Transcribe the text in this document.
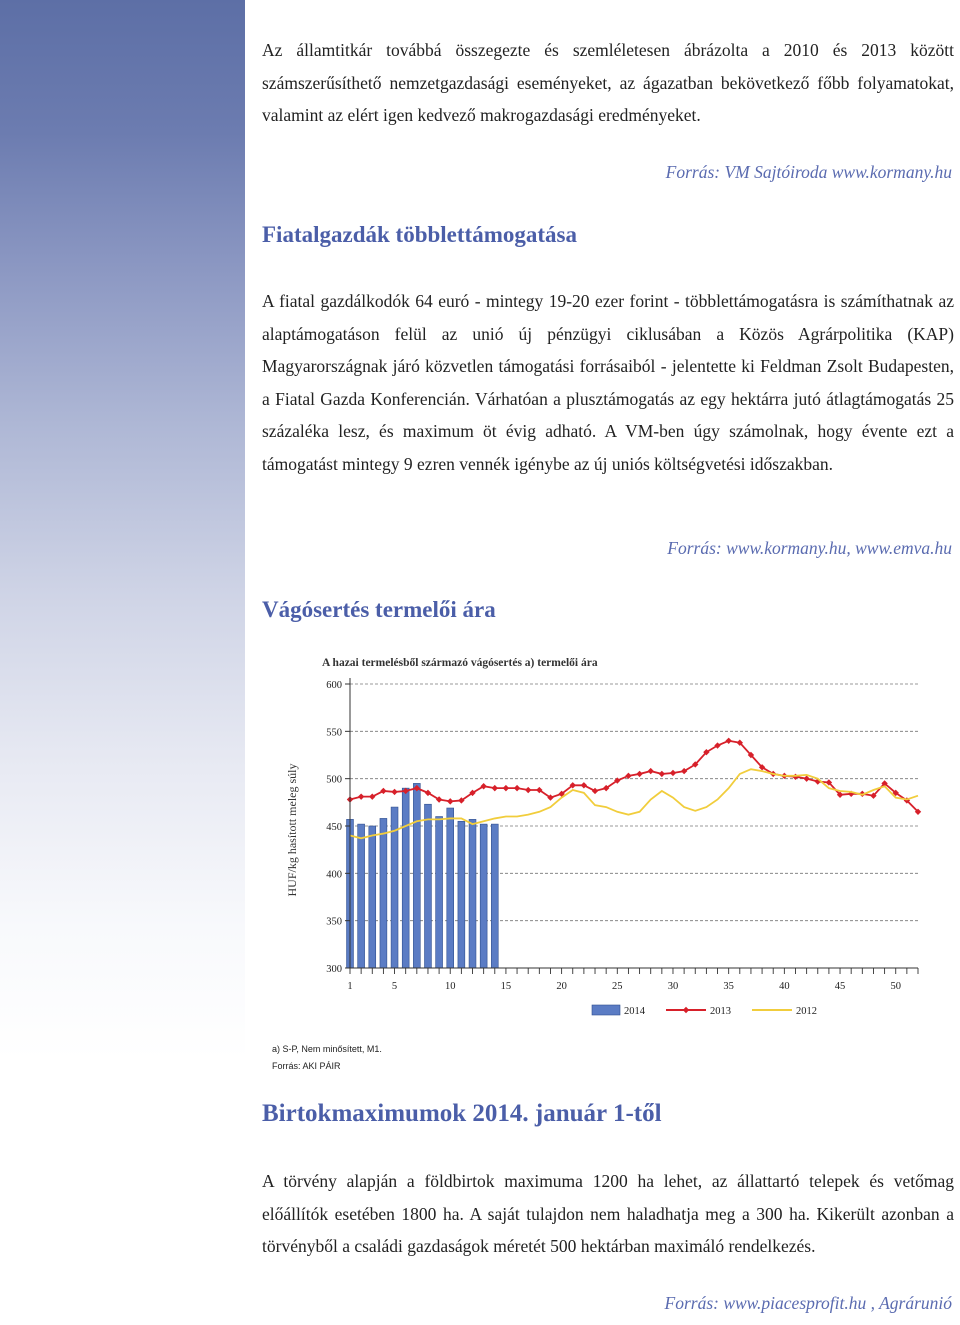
Az államtitkár továbbá összegezte és szemléletesen ábrázolta a 2010 és 2013 között számszerűsíthető nemzetgazdasági eseményeket, az ágazatban bekövetkező főbb folyamatokat, valamint az elért igen kedvező makrogazdasági eredményeket.

Forrás: VM Sajtóiroda www.kormany.hu

Fiatalgazdák többlettámogatása

A fiatal gazdálkodók 64 euró - mintegy 19-20 ezer forint - többlettámogatásra is számíthatnak az alaptámogatáson felül az unió új pénzügyi ciklusában a Közös Agrárpolitika (KAP) Magyarországnak járó közvetlen támogatási forrásaiból - jelentette ki Feldman Zsolt Budapesten, a Fiatal Gazda Konferencián. Várhatóan a plusztámogatás az egy hektárra jutó átlagtámogatás 25 százaléka lesz, és maximum öt évig adható. A VM-ben úgy számolnak, hogy évente ezt a támogatást mintegy 9 ezren vennék igénybe az új uniós költségvetési időszakban.

Forrás: www.kormany.hu, www.emva.hu

Vágósertés termelői ára
A hazai termelésből származó vágósertés a) termelői ára
HUF/kg hasított meleg súly
300
350
400
450
500
550
600
1	5	10	15	20	25	30	35	40	45	50
2014	2013	2012

a) S-P, Nem minősített, M1.

Forrás: AKI PÁIR

Birtokmaximumok 2014. január 1-től

A törvény alapján a földbirtok maximuma 1200 ha lehet, az állattartó telepek és vetőmag előállítók esetében 1800 ha. A saját tulajdon nem haladhatja meg a 300 ha. Kikerült azonban a törvényből a családi gazdaságok méretét 500 hektárban maximáló rendelkezés.

Forrás: www.piacesprofit.hu , Agrárunió
